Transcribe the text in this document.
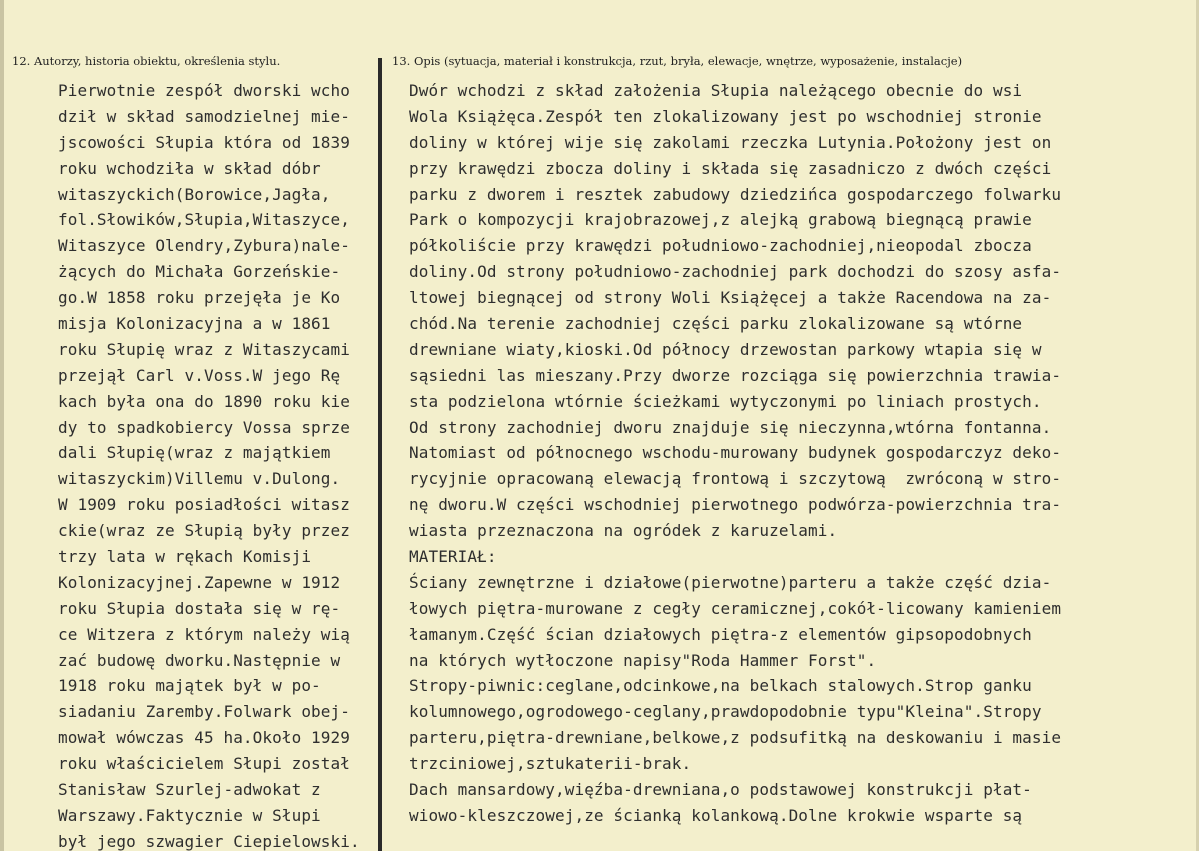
12. Autorzy, historia obiektu, określenia stylu.	13. Opis (sytuacja, materiał i konstrukcja, rzut, bryła, elewacje, wnętrze, wyposażenie, instalacje)
Pierwotnie zespół dworski wcho
dził w skład samodzielnej mie-
jscowości Słupia która od 1839
roku wchodziła w skład dóbr
witaszyckich(Borowice,Jagła,
fol.Słowików,Słupia,Witaszyce,
Witaszyce Olendry,Zybura)nale-
żących do Michała Gorzeńskie-
go.W 1858 roku przejęła je Ko
misja Kolonizacyjna a w 1861
roku Słupię wraz z Witaszycami
przejął Carl v.Voss.W jego Rę
kach była ona do 1890 roku kie
dy to spadkobiercy Vossa sprze
dali Słupię(wraz z majątkiem
witaszyckim)Villemu v.Dulong.
W 1909 roku posiadłości witasz
ckie(wraz ze Słupią były przez
trzy lata w rękach Komisji
Kolonizacyjnej.Zapewne w 1912
roku Słupia dostała się w rę-
ce Witzera z którym należy wią
zać budowę dworku.Następnie w
1918 roku majątek był w po-
siadaniu Zaremby.Folwark obej-
mował wówczas 45 ha.Około 1929
roku właścicielem Słupi został
Stanisław Szurlej-adwokat z
Warszawy.Faktycznie w Słupi
był jego szwagier Ciepielowski.
Dwór wchodzi z skład założenia Słupia należącego obecnie do wsi
Wola Książęca.Zespół ten zlokalizowany jest po wschodniej stronie
doliny w której wije się zakolami rzeczka Lutynia.Położony jest on
przy krawędzi zbocza doliny i składa się zasadniczo z dwóch części
parku z dworem i resztek zabudowy dziedzińca gospodarczego folwarku
Park o kompozycji krajobrazowej,z alejką grabową biegnącą prawie
półkoliście przy krawędzi południowo-zachodniej,nieopodal zbocza
doliny.Od strony południowo-zachodniej park dochodzi do szosy asfa-
ltowej biegnącej od strony Woli Książęcej a także Racendowa na za-
chód.Na terenie zachodniej części parku zlokalizowane są wtórne
drewniane wiaty,kioski.Od północy drzewostan parkowy wtapia się w
sąsiedni las mieszany.Przy dworze rozciąga się powierzchnia trawia-
sta podzielona wtórnie ścieżkami wytyczonymi po liniach prostych.
Od strony zachodniej dworu znajduje się nieczynna,wtórna fontanna.
Natomiast od północnego wschodu-murowany budynek gospodarczyz deko-
rycyjnie opracowaną elewacją frontową i szczytową  zwróconą w stro-
nę dworu.W części wschodniej pierwotnego podwórza-powierzchnia tra-
wiasta przeznaczona na ogródek z karuzelami.
MATERIAŁ:
Ściany zewnętrzne i działowe(pierwotne)parteru a także część dzia-
łowych piętra-murowane z cegły ceramicznej,cokół-licowany kamieniem
łamanym.Część ścian działowych piętra-z elementów gipsopodobnych
na których wytłoczone napisy"Roda Hammer Forst".
Stropy-piwnic:ceglane,odcinkowe,na belkach stalowych.Strop ganku
kolumnowego,ogrodowego-ceglany,prawdopodobnie typu"Kleina".Stropy
parteru,piętra-drewniane,belkowe,z podsufitką na deskowaniu i masie
trzciniowej,sztukaterii-brak.
Dach mansardowy,więźba-drewniana,o podstawowej konstrukcji płat-
wiowo-kleszczowej,ze ścianką kolankową.Dolne krokwie wsparte są
